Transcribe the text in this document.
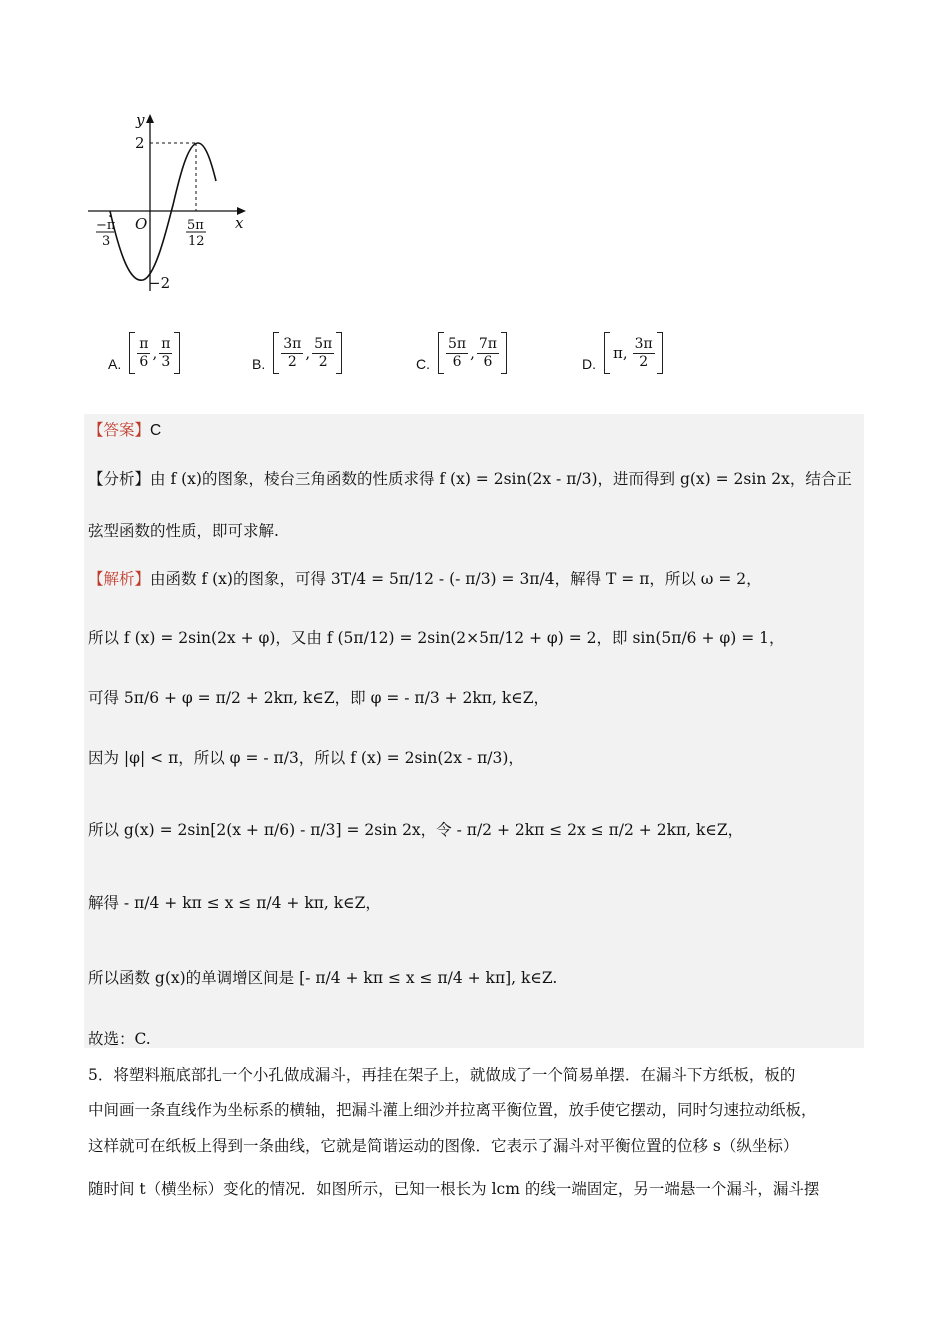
y
x
O
2
−2
−π
3
5π
12
A. $\frac{\pi}{6}$ , $\frac{\pi}{3}$	B. $\frac{3\pi}{2}$ , $\frac{5\pi}{2}$	C. $\frac{5\pi}{6}$ , $\frac{7\pi}{6}$	D.
π, $\frac{3\pi}{2}$
【答案】C
【分析】由 f (x)的图象，棱台三角函数的性质求得 f (x) = 2sin(2x - π/3)，进而得到 g(x) = 2sin 2x，结合正
弦型函数的性质，即可求解.
【解析】由函数 f (x)的图象，可得 3T/4 = 5π/12 - (- π/3) = 3π/4，解得 T = π，所以 ω = 2，
所以 f (x) = 2sin(2x + φ)，又由 f (5π/12) = 2sin(2×5π/12 + φ) = 2，即 sin(5π/6 + φ) = 1，
可得 5π/6 + φ = π/2 + 2kπ, k∈Z，即 φ = - π/3 + 2kπ, k∈Z，
因为 |φ| < π，所以 φ = - π/3，所以 f (x) = 2sin(2x - π/3)，
所以 g(x) = 2sin[2(x + π/6) - π/3] = 2sin 2x，令 - π/2 + 2kπ ≤ 2x ≤ π/2 + 2kπ, k∈Z，
解得 - π/4 + kπ ≤ x ≤ π/4 + kπ, k∈Z，
所以函数 g(x)的单调增区间是 [- π/4 + kπ ≤ x ≤ π/4 + kπ], k∈Z.
故选：C.
5．将塑料瓶底部扎一个小孔做成漏斗，再挂在架子上，就做成了一个简易单摆．在漏斗下方纸板，板的
中间画一条直线作为坐标系的横轴，把漏斗灌上细沙并拉离平衡位置，放手使它摆动，同时匀速拉动纸板，
这样就可在纸板上得到一条曲线，它就是简谐运动的图像．它表示了漏斗对平衡位置的位移 s（纵坐标）
随时间 t（横坐标）变化的情况．如图所示，已知一根长为 lcm 的线一端固定，另一端悬一个漏斗，漏斗摆
